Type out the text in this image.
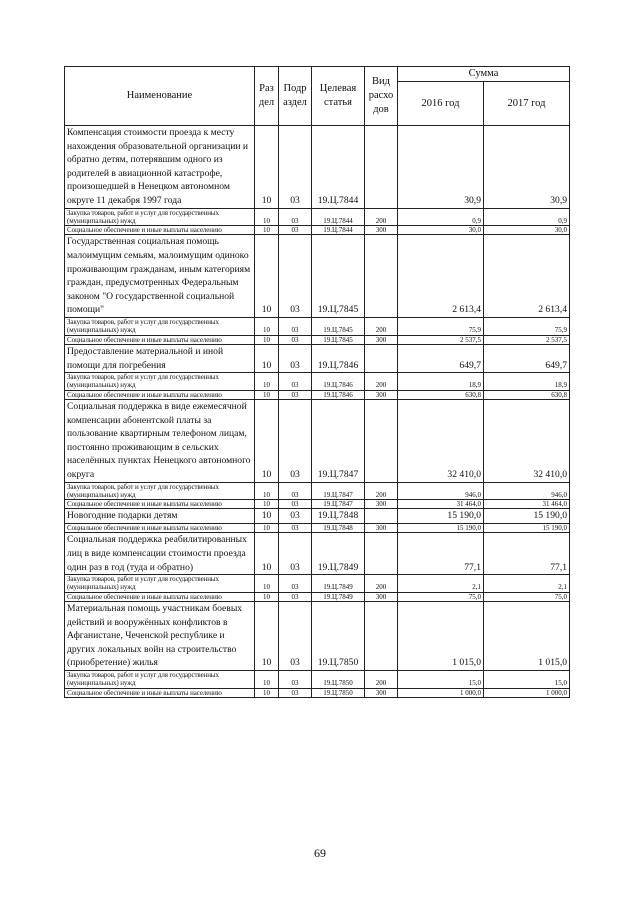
Наименование	Раз дел	Подр аздел	Целевая статья	Вид расхо дов	Сумма	
					2016 год	2017 год
Компенсация стоимости проезда к месту нахождения образовательной организации и обратно детям, потерявшим одного из родителей в авиационной катастрофе, произошедшей в Ненецком автономном округе 11 декабря 1997 года	10	03	19.Ц.7844		30,9	30,9
Закупка товаров, работ и услуг для государственных (муниципальных) нужд	10	03	19.Ц.7844	200	0,9	0,9
Социальное обеспечение и иные выплаты населению	10	03	19.Ц.7844	300	30,0	30,0
Государственная социальная помощь малоимущим семьям, малоимущим одиноко проживающим гражданам, иным категориям граждан, предусмотренных Федеральным законом "О государственной социальной помощи"	10	03	19.Ц.7845		2 613,4	2 613,4
Закупка товаров, работ и услуг для государственных (муниципальных) нужд	10	03	19.Ц.7845	200	75,9	75,9
Социальное обеспечение и иные выплаты населению	10	03	19.Ц.7845	300	2 537,5	2 537,5
Предоставление материальной и иной помощи для погребения	10	03	19.Ц.7846		649,7	649,7
Закупка товаров, работ и услуг для государственных (муниципальных) нужд	10	03	19.Ц.7846	200	18,9	18,9
Социальное обеспечение и иные выплаты населению	10	03	19.Ц.7846	300	630,8	630,8
Социальная поддержка в виде ежемесячной компенсации абонентской платы за пользование квартирным телефоном лицам, постоянно проживающим в сельских населённых пунктах Ненецкого автономного округа	10	03	19.Ц.7847		32 410,0	32 410,0
Закупка товаров, работ и услуг для государственных (муниципальных) нужд	10	03	19.Ц.7847	200	946,0	946,0
Социальное обеспечение и иные выплаты населению	10	03	19.Ц.7847	300	31 464,0	31 464,0
Новогодние подарки детям	10	03	19.Ц.7848		15 190,0	15 190,0
Социальное обеспечение и иные выплаты населению	10	03	19.Ц.7848	300	15 190,0	15 190,0
Социальная поддержка реабилитированных лиц в виде компенсации стоимости проезда один раз в год (туда и обратно)	10	03	19.Ц.7849		77,1	77,1
Закупка товаров, работ и услуг для государственных (муниципальных) нужд	10	03	19.Ц.7849	200	2,1	2,1
Социальное обеспечение и иные выплаты населению	10	03	19.Ц.7849	300	75,0	75,0
Материальная помощь участникам боевых действий и вооружённых конфликтов в Афганистане, Чеченской республике и других локальных войн на строительство (приобретение) жилья	10	03	19.Ц.7850		1 015,0	1 015,0
Закупка товаров, работ и услуг для государственных (муниципальных) нужд	10	03	19.Ц.7850	200	15,0	15,0
Социальное обеспечение и иные выплаты населению	10	03	19.Ц.7850	300	1 000,0	1 000,0
69
